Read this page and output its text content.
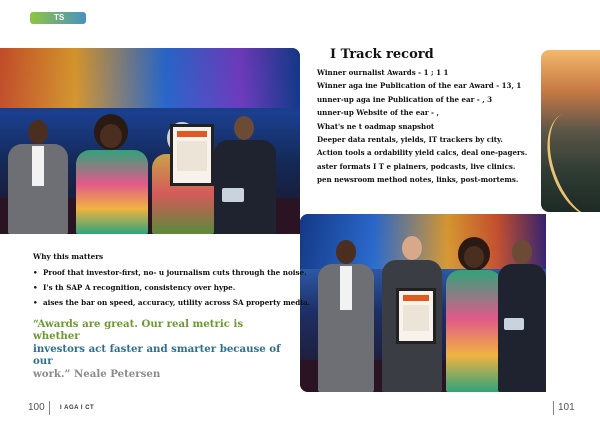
TS
I Track record
Winner ournalist Awards - 1 ; 1 1
Winner aga ine Publication of the ear Award - 13, 1
unner-up aga ine Publication of the ear - , 3
unner-up Website of the ear - ,
What's ne t oadmap snapshot
Deeper data rentals, yields, IT trackers by city.
Action tools a ordability yield calcs, deal one-pagers.
aster formats I T e plainers, podcasts, live clinics.
pen newsroom method notes, links, post-mortems.
Why this matters
• Proof that investor-first, no- u journalism cuts through the noise.
• I's th SAP A recognition, consistency over hype.
• aises the bar on speed, accuracy, utility across SA property media.

“Awards are great. Our real metric is whether
investors act faster and smarter because of our
work.” Neale Petersen

100	I AGA I CT	101
